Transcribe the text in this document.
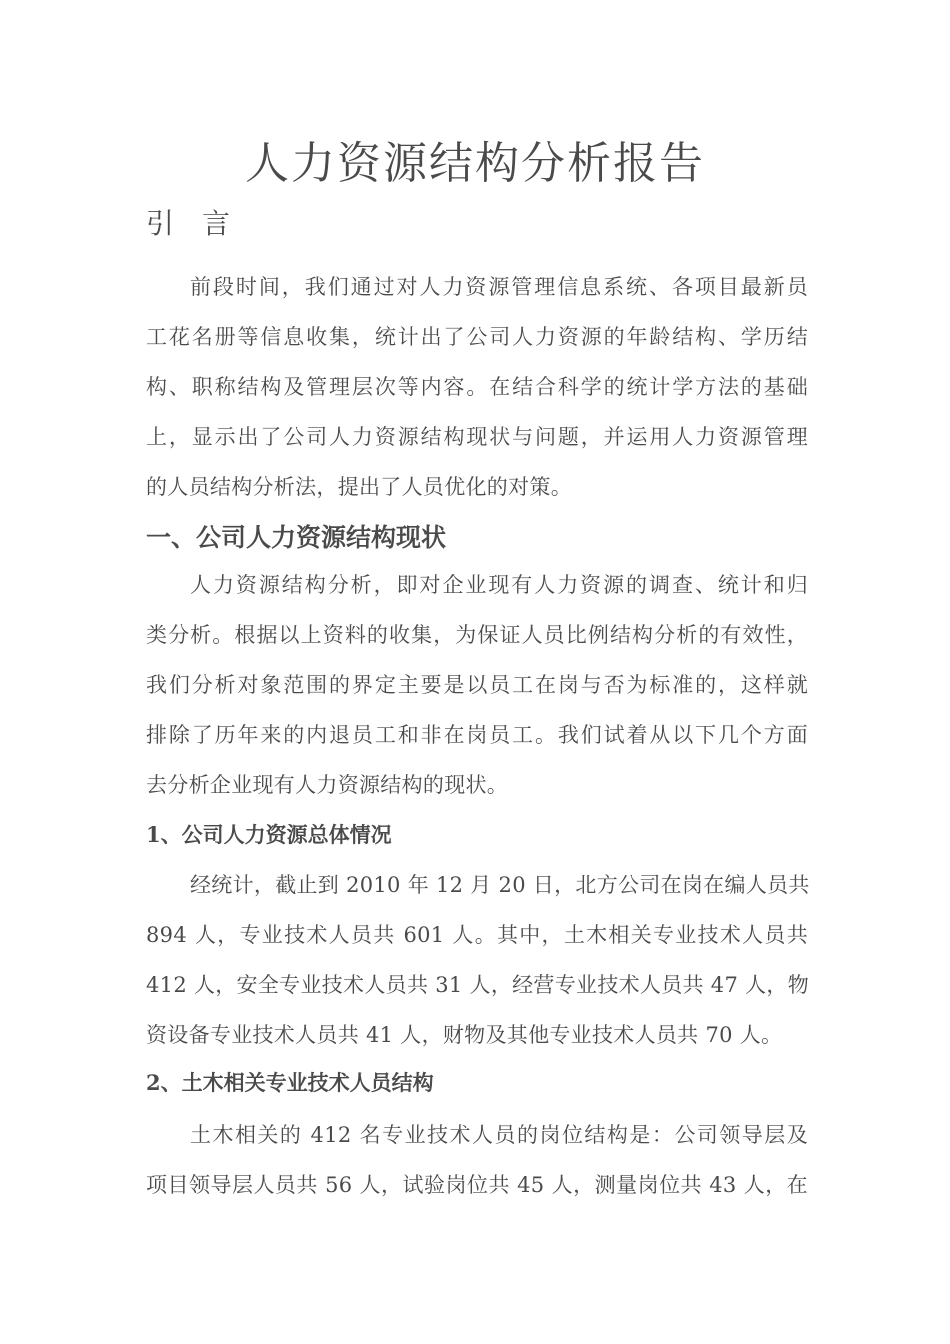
人力资源结构分析报告
引言
前段时间，我们通过对人力资源管理信息系统、各项目最新员
工花名册等信息收集，统计出了公司人力资源的年龄结构、学历结
构、职称结构及管理层次等内容。在结合科学的统计学方法的基础
上，显示出了公司人力资源结构现状与问题，并运用人力资源管理
的人员结构分析法，提出了人员优化的对策。
一、公司人力资源结构现状
人力资源结构分析，即对企业现有人力资源的调查、统计和归
类分析。根据以上资料的收集，为保证人员比例结构分析的有效性，
我们分析对象范围的界定主要是以员工在岗与否为标准的，这样就
排除了历年来的内退员工和非在岗员工。我们试着从以下几个方面
去分析企业现有人力资源结构的现状。
1、公司人力资源总体情况
经统计，截止到 2010 年 12 月 20 日，北方公司在岗在编人员共
894 人，专业技术人员共 601 人。其中，土木相关专业技术人员共
412 人，安全专业技术人员共 31 人，经营专业技术人员共 47 人，物
资设备专业技术人员共 41 人，财物及其他专业技术人员共 70 人。
2、土木相关专业技术人员结构
土木相关的 412 名专业技术人员的岗位结构是：公司领导层及
项目领导层人员共 56 人，试验岗位共 45 人，测量岗位共 43 人，在
